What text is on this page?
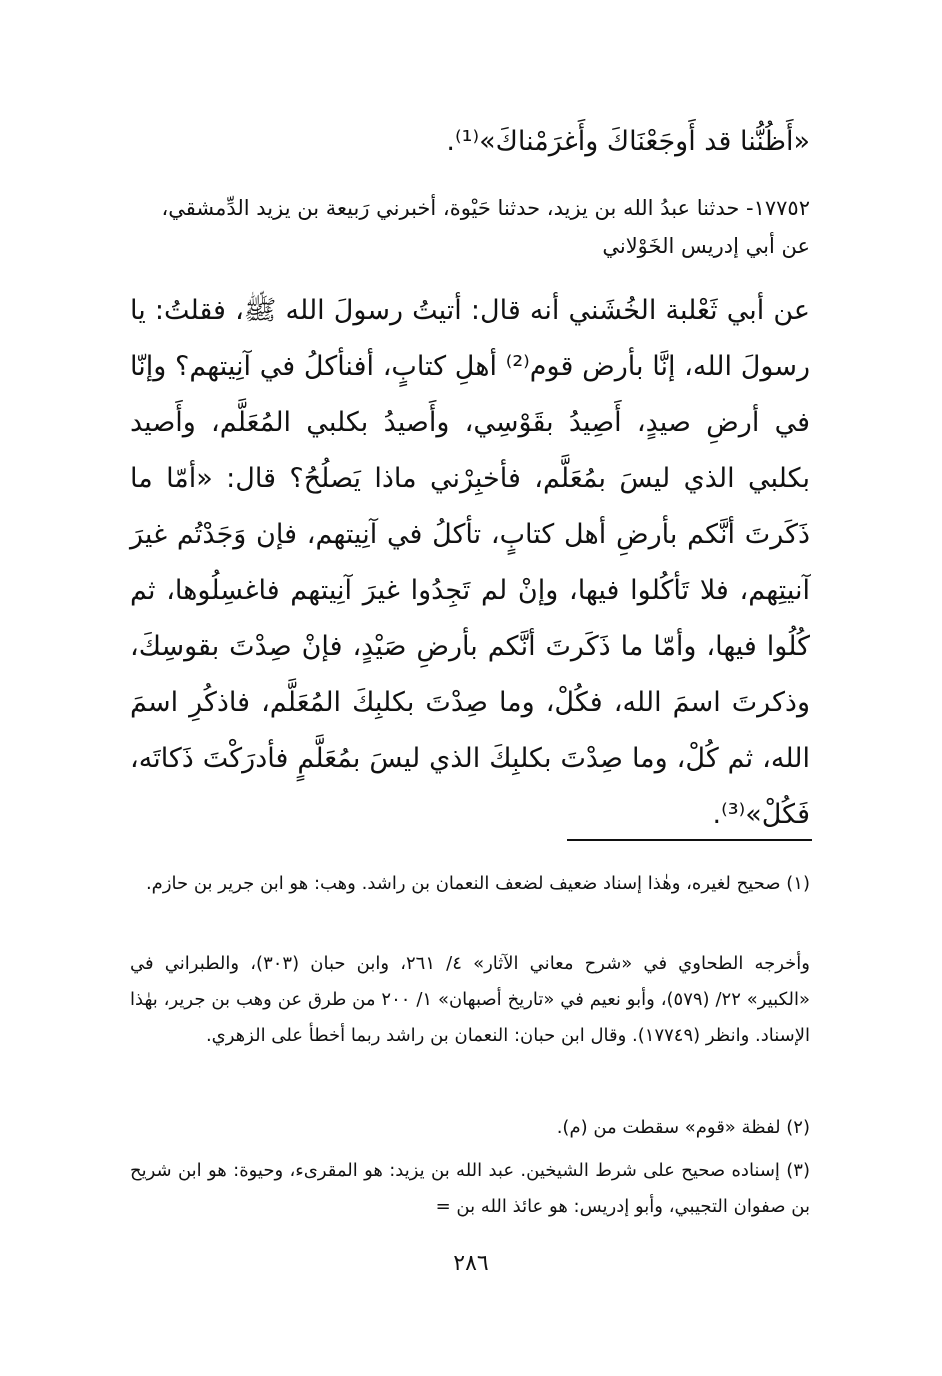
«أَظُنُّنا قد أَوجَعْنَاكَ وأَغرَمْناكَ»⁽¹⁾.
١٧٧٥٢- حدثنا عبدُ الله بن يزيد، حدثنا حَيْوة، أخبرني رَبيعة بن يزيد الدِّمشقي، عن أبي إدريس الخَوْلاني
عن أبي ثَعْلبة الخُشَني أنه قال: أتيتُ رسولَ الله ﷺ، فقلتُ: يا رسولَ الله، إنَّا بأرض قوم⁽²⁾ أهلِ كتابٍ، أفنأكلُ في آنِيتهم؟ وإنّا في أرضِ صيدٍ، أَصِيدُ بقَوْسِي، وأَصيدُ بكلبي المُعَلَّم، وأَصيد بكلبي الذي ليسَ بمُعَلَّم، فأخبِرْني ماذا يَصلُحُ؟ قال: «أمّا ما ذَكَرتَ أنَّكم بأرضِ أهل كتابٍ، تأكلُ في آنِيتهم، فإن وَجَدْتُم غيرَ آنيتِهم، فلا تَأكُلوا فيها، وإنْ لم تَجِدُوا غيرَ آنِيتهم فاغسِلُوها، ثم كُلُوا فيها، وأمّا ما ذَكَرتَ أنَّكم بأرضِ صَيْدٍ، فإنْ صِدْتَ بقوسِكَ، وذكرتَ اسمَ الله، فكُلْ، وما صِدْتَ بكلبِكَ المُعَلَّم، فاذكُرِ اسمَ الله، ثم كُلْ، وما صِدْتَ بكلبِكَ الذي ليسَ بمُعَلَّمٍ فأدرَكْتَ ذَكاتَه، فَكُلْ»⁽³⁾.
(١) صحيح لغيره، وهٰذا إسناد ضعيف لضعف النعمان بن راشد. وهب: هو ابن جرير بن حازم.
وأخرجه الطحاوي في «شرح معاني الآثار» ٤/ ٢٦١، وابن حبان (٣٠٣)، والطبراني في «الكبير» ٢٢/ (٥٧٩)، وأبو نعيم في «تاريخ أصبهان» ١/ ٢٠٠ من طرق عن وهب بن جرير، بهٰذا الإسناد. وانظر (١٧٧٤٩). وقال ابن حبان: النعمان بن راشد ربما أخطأ على الزهري.
(٢) لفظة «قوم» سقطت من (م).
(٣) إسناده صحيح على شرط الشيخين. عبد الله بن يزيد: هو المقرىء، وحيوة: هو ابن شريح بن صفوان التجيبي، وأبو إدريس: هو عائذ الله بن =
٢٨٦
